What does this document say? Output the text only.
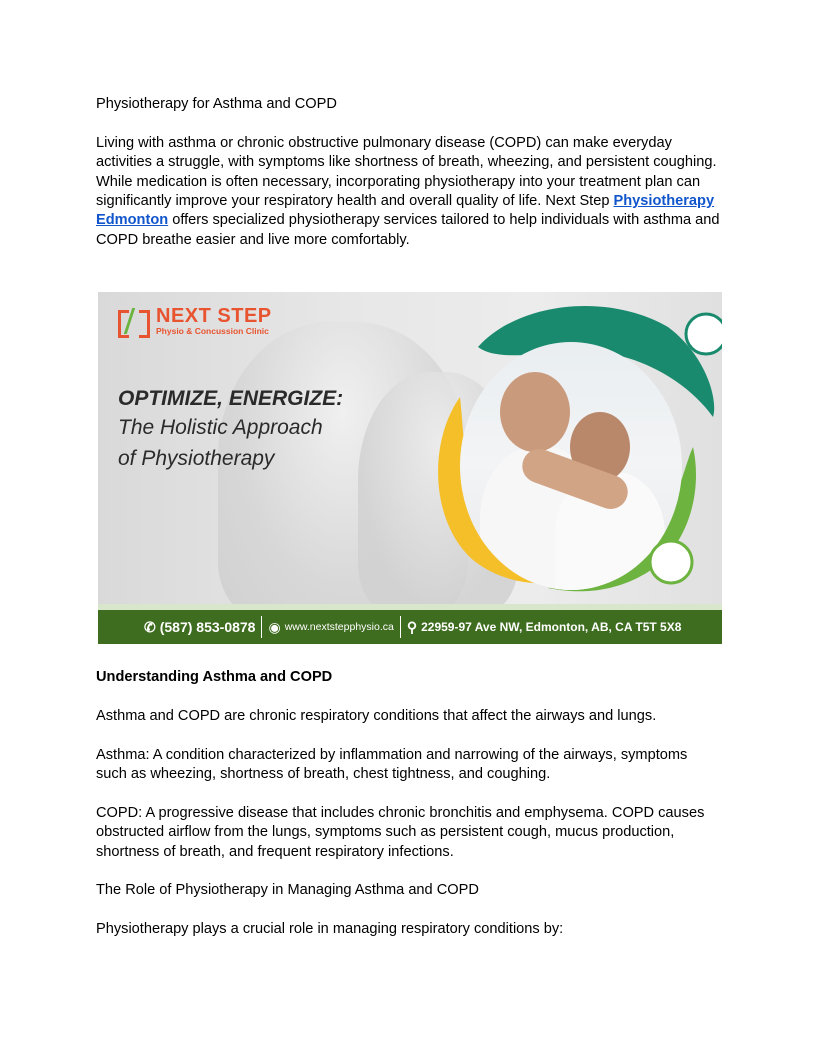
Physiotherapy for Asthma and COPD

Living with asthma or chronic obstructive pulmonary disease (COPD) can make everyday activities a struggle, with symptoms like shortness of breath, wheezing, and persistent coughing. While medication is often necessary, incorporating physiotherapy into your treatment plan can significantly improve your respiratory health and overall quality of life. Next Step Physiotherapy Edmonton offers specialized physiotherapy services tailored to help individuals with asthma and COPD breathe easier and live more comfortably.

NEXT STEP
Physio & Concussion Clinic
OPTIMIZE, ENERGIZE:
The Holistic Approach
of Physiotherapy
✆ (587) 853-0878 ◉ www.nextstepphysio.ca ⚲ 22959-97 Ave NW, Edmonton, AB, CA T5T 5X8

Understanding Asthma and COPD

Asthma and COPD are chronic respiratory conditions that affect the airways and lungs.

Asthma: A condition characterized by inflammation and narrowing of the airways, symptoms such as wheezing, shortness of breath, chest tightness, and coughing.

COPD: A progressive disease that includes chronic bronchitis and emphysema. COPD causes obstructed airflow from the lungs, symptoms such as persistent cough, mucus production, shortness of breath, and frequent respiratory infections.

The Role of Physiotherapy in Managing Asthma and COPD

Physiotherapy plays a crucial role in managing respiratory conditions by:
